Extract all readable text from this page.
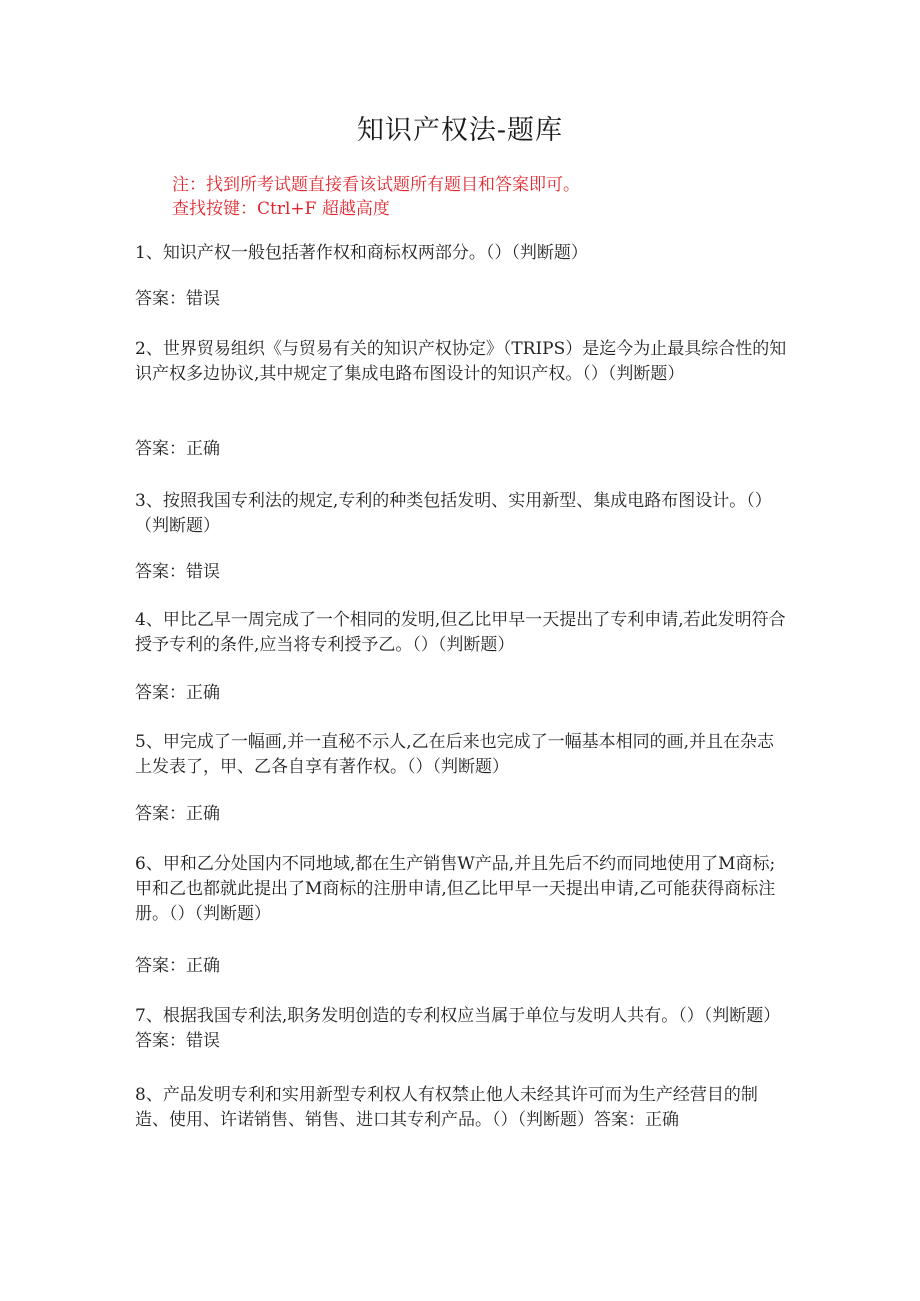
知识产权法-题库
注：找到所考试题直接看该试题所有题目和答案即可。
查找按键：Ctrl+F 超越高度
1、知识产权一般包括著作权和商标权两部分。（）（判断题）
答案：错误
2、世界贸易组织《与贸易有关的知识产权协定》（TRIPS）是迄今为止最具综合性的知识产权多边协议,其中规定了集成电路布图设计的知识产权。（）（判断题）
答案：正确
3、按照我国专利法的规定,专利的种类包括发明、实用新型、集成电路布图设计。（）（判断题）
答案：错误
4、甲比乙早一周完成了一个相同的发明,但乙比甲早一天提出了专利申请,若此发明符合授予专利的条件,应当将专利授予乙。（）（判断题）
答案：正确
5、甲完成了一幅画,并一直秘不示人,乙在后来也完成了一幅基本相同的画,并且在杂志上发表了，甲、乙各自享有著作权。（）（判断题）
答案：正确
6、甲和乙分处国内不同地域,都在生产销售W产品,并且先后不约而同地使用了M商标;甲和乙也都就此提出了M商标的注册申请,但乙比甲早一天提出申请,乙可能获得商标注册。（）（判断题）
答案：正确
7、根据我国专利法,职务发明创造的专利权应当属于单位与发明人共有。（）（判断题）答案：错误
8、产品发明专利和实用新型专利权人有权禁止他人未经其许可而为生产经营目的制造、使用、许诺销售、销售、进口其专利产品。（）（判断题）答案：正确
